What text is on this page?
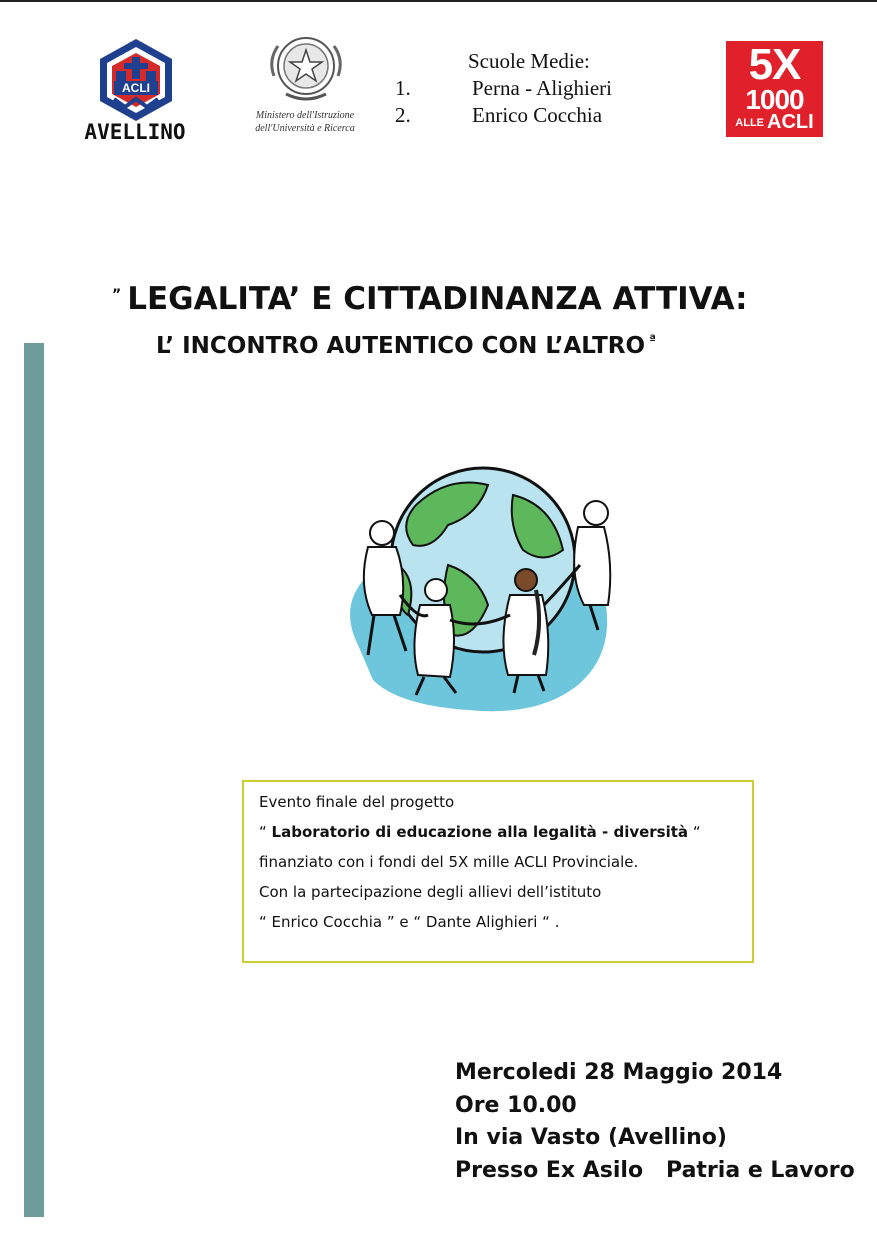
ACLI
AVELLINO
Ministero dell'Istruzione
dell'Università e Ricerca
Scuole Medie:
1.	Perna - Alighieri
2.	Enrico Cocchia
5X
1000
ALLE ACLI
” LEGALITA’ E CITTADINANZA ATTIVA:
L’ INCONTRO AUTENTICO CON L’ALTRO $^ª$
Evento finale del progetto
“ Laboratorio di educazione alla legalità - diversità “
finanziato con i fondi del 5X mille ACLI Provinciale.
Con la partecipazione degli allievi dell’istituto
“ Enrico Cocchia ” e “ Dante Alighieri “ .
Mercoledi 28 Maggio 2014
Ore 10.00
In via Vasto (Avellino)
Presso Ex Asilo   Patria e Lavoro
